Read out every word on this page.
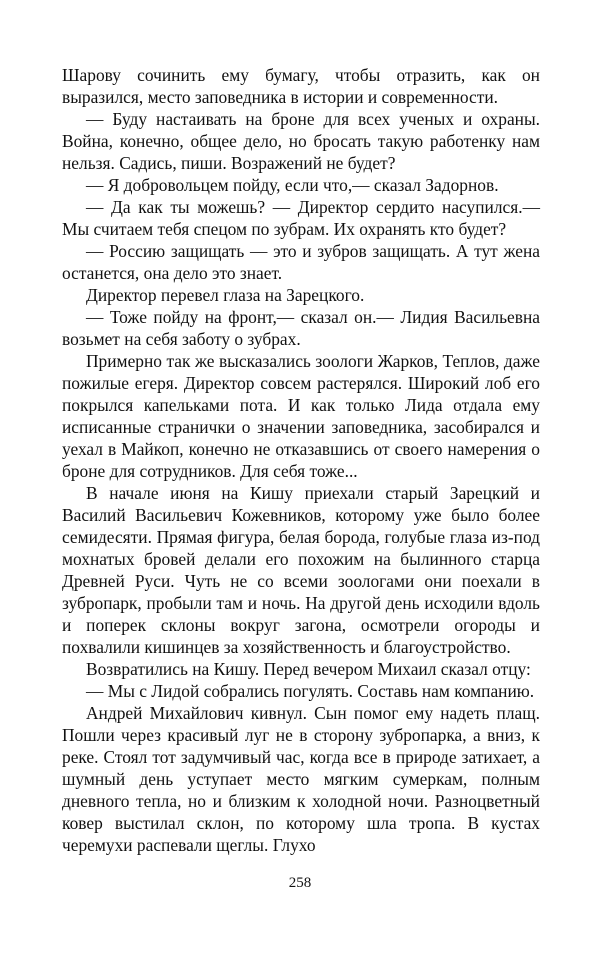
Шарову сочинить ему бумагу, чтобы отразить, как он выразился, место заповедника в истории и современности.

— Буду настаивать на броне для всех ученых и охраны. Война, конечно, общее дело, но бросать такую работенку нам нельзя. Садись, пиши. Возражений не будет?

— Я добровольцем пойду, если что,— сказал Задорнов.

— Да как ты можешь? — Директор сердито насупился.— Мы считаем тебя спецом по зубрам. Их охранять кто будет?

— Россию защищать — это и зубров защищать. А тут жена останется, она дело это знает.

Директор перевел глаза на Зарецкого.

— Тоже пойду на фронт,— сказал он.— Лидия Васильевна возьмет на себя заботу о зубрах.

Примерно так же высказались зоологи Жарков, Теплов, даже пожилые егеря. Директор совсем растерялся. Широкий лоб его покрылся капельками пота. И как только Лида отдала ему исписанные странички о значении заповедника, засобирался и уехал в Майкоп, конечно не отказавшись от своего намерения о броне для сотрудников. Для себя тоже...

В начале июня на Кишу приехали старый Зарецкий и Василий Васильевич Кожевников, которому уже было более семидесяти. Прямая фигура, белая борода, голубые глаза из-под мохнатых бровей делали его похожим на былинного старца Древней Руси. Чуть не со всеми зоологами они поехали в зубропарк, пробыли там и ночь. На другой день исходили вдоль и поперек склоны вокруг загона, осмотрели огороды и похвалили кишинцев за хозяйственность и благоустройство.

Возвратились на Кишу. Перед вечером Михаил сказал отцу:

— Мы с Лидой собрались погулять. Составь нам компанию.

Андрей Михайлович кивнул. Сын помог ему надеть плащ. Пошли через красивый луг не в сторону зубропарка, а вниз, к реке. Стоял тот задумчивый час, когда все в природе затихает, а шумный день уступает место мягким сумеркам, полным дневного тепла, но и близким к холодной ночи. Разноцветный ковер выстилал склон, по которому шла тропа. В кустах черемухи распевали щеглы. Глухо

258
